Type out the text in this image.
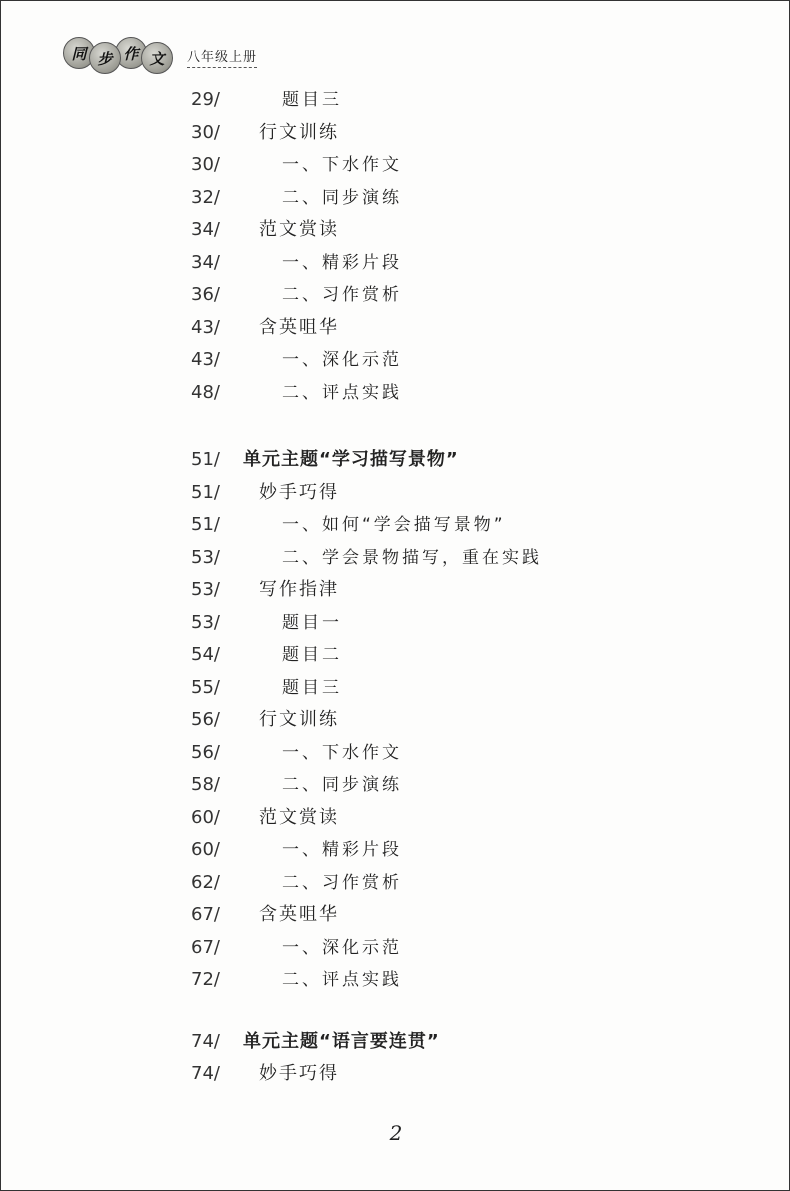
同 步 作 文	八年级上册
29/	题目三
30/	行文训练
30/	一、下水作文
32/	二、同步演练
34/	范文赏读
34/	一、精彩片段
36/	二、习作赏析
43/	含英咀华
43/	一、深化示范
48/	二、评点实践
51/	单元主题“学习描写景物”
51/	妙手巧得
51/	一、如何“学会描写景物”
53/	二、学会景物描写，重在实践
53/	写作指津
53/	题目一
54/	题目二
55/	题目三
56/	行文训练
56/	一、下水作文
58/	二、同步演练
60/	范文赏读
60/	一、精彩片段
62/	二、习作赏析
67/	含英咀华
67/	一、深化示范
72/	二、评点实践
74/	单元主题“语言要连贯”
74/	妙手巧得
2
